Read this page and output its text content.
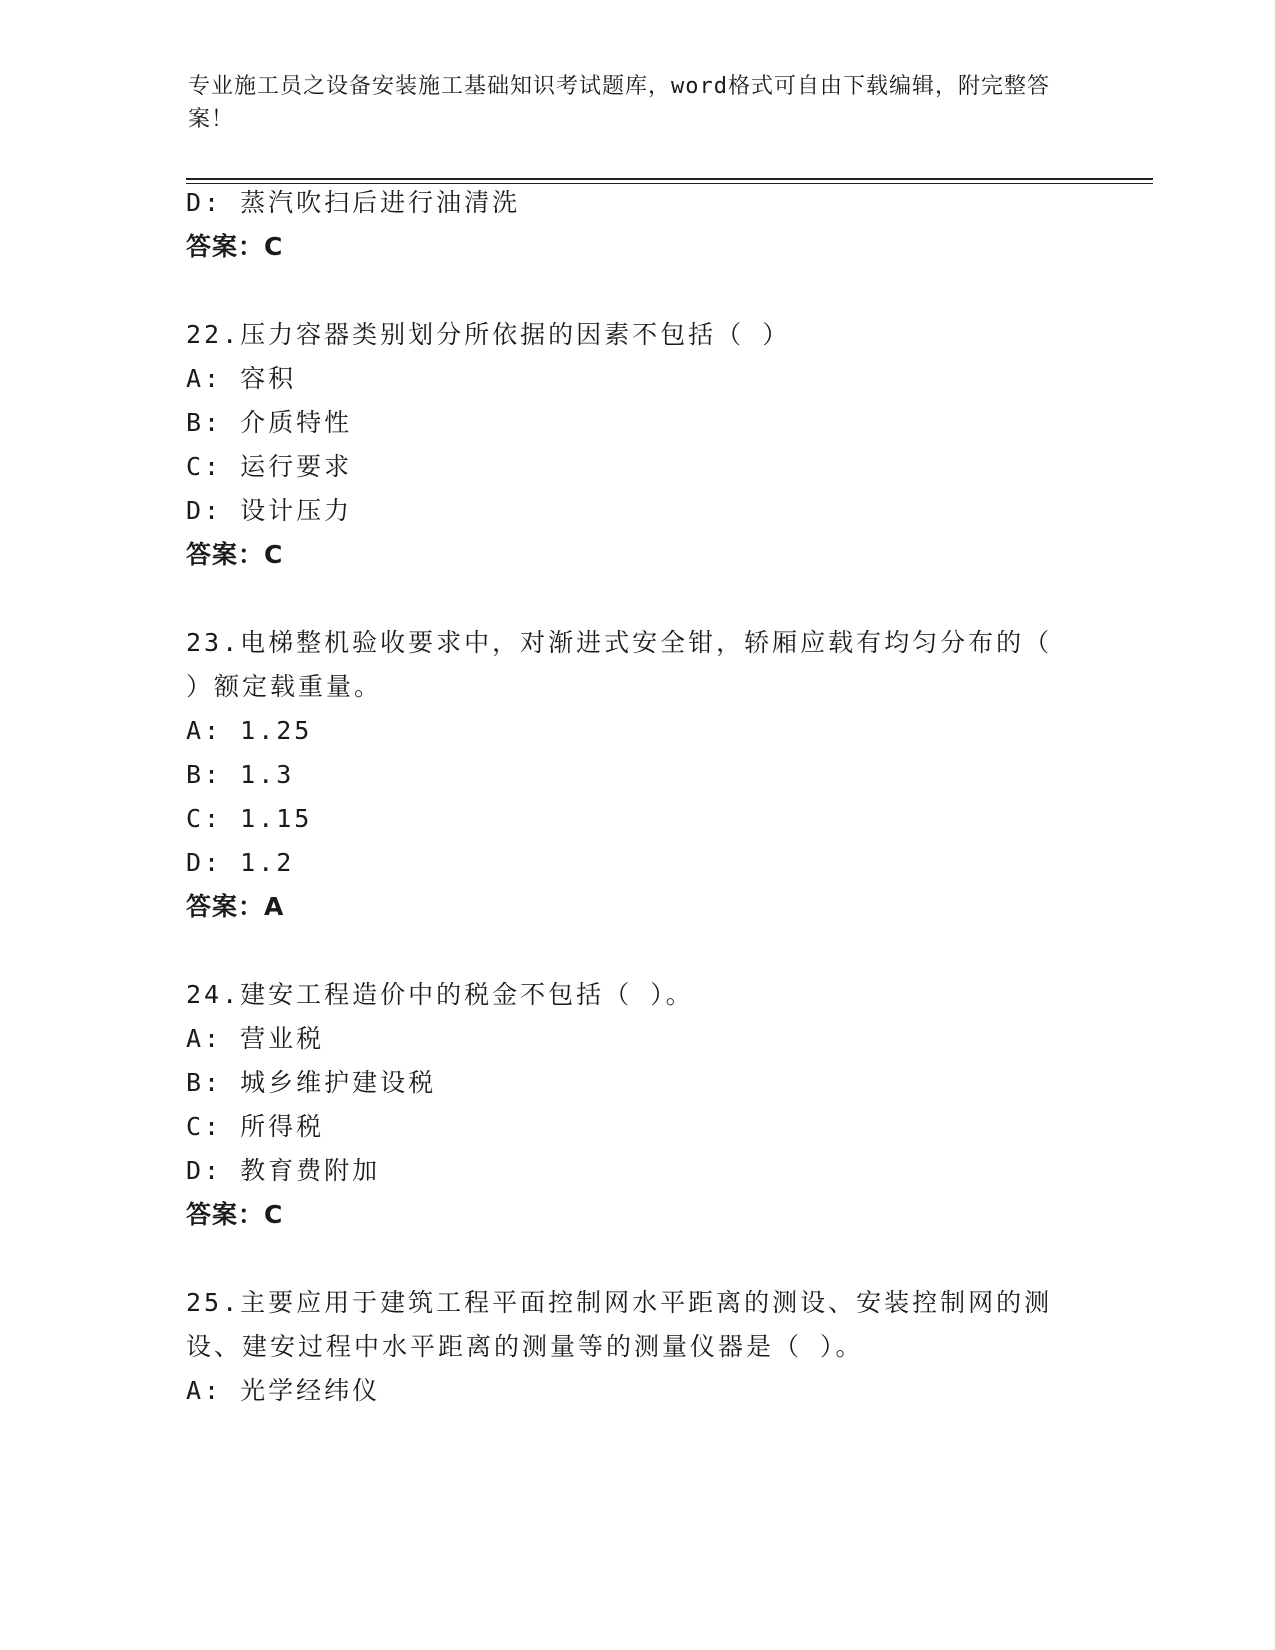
专业施工员之设备安装施工基础知识考试题库，word格式可自由下载编辑，附完整答案！
D: 蒸汽吹扫后进行油清洗
答案：C
22.压力容器类别划分所依据的因素不包括（ ）
A: 容积
B: 介质特性
C: 运行要求
D: 设计压力
答案：C
23.电梯整机验收要求中，对渐进式安全钳，轿厢应载有均匀分布的（
）额定载重量。
A: 1.25
B: 1.3
C: 1.15
D: 1.2
答案：A
24.建安工程造价中的税金不包括（ ）。
A: 营业税
B: 城乡维护建设税
C: 所得税
D: 教育费附加
答案：C
25.主要应用于建筑工程平面控制网水平距离的测设、安装控制网的测
设、建安过程中水平距离的测量等的测量仪器是（ ）。
A: 光学经纬仪
